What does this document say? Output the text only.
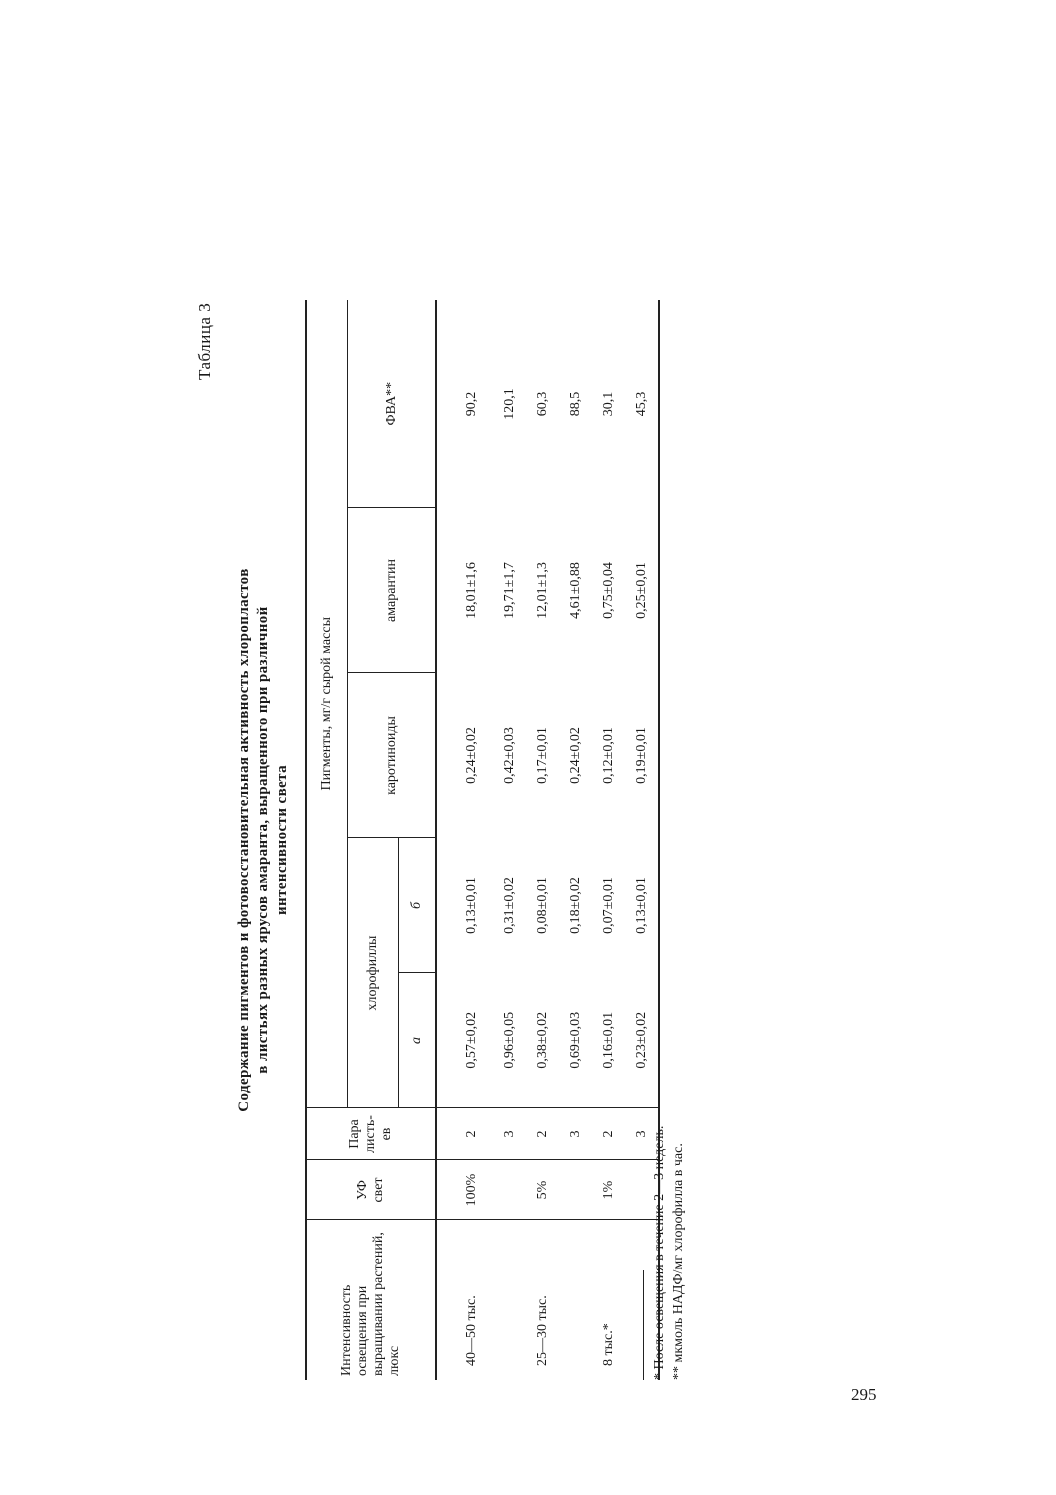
Таблица 3
Содержание пигментов и фотовосстановительная активность хлоропластов в листьях разных ярусов амаранта, выращенного при различной интенсивности света
Интенсивность освещения при выращивании растений, люкс	УФ свет	Пара листь-ев	Пигменты, мг/г сырой массы				
			хлорофиллы		каротиноиды	амарантин	ФВА**
			а	б			
40—50 тыс.	100%	2	0,57±0,02	0,13±0,01	0,24±0,02	18,01±1,6	90,2
		3	0,96±0,05	0,31±0,02	0,42±0,03	19,71±1,7	120,1
25—30 тыс.	5%	2	0,38±0,02	0,08±0,01	0,17±0,01	12,01±1,3	60,3
		3	0,69±0,03	0,18±0,02	0,24±0,02	4,61±0,88	88,5
8 тыс.*	1%	2	0,16±0,01	0,07±0,01	0,12±0,01	0,75±0,04	30,1
		3	0,23±0,02	0,13±0,01	0,19±0,01	0,25±0,01	45,3
* После освещения в течение 2—3 недель. ** мкмоль НАДФ/мг хлорофилла в час.
295
